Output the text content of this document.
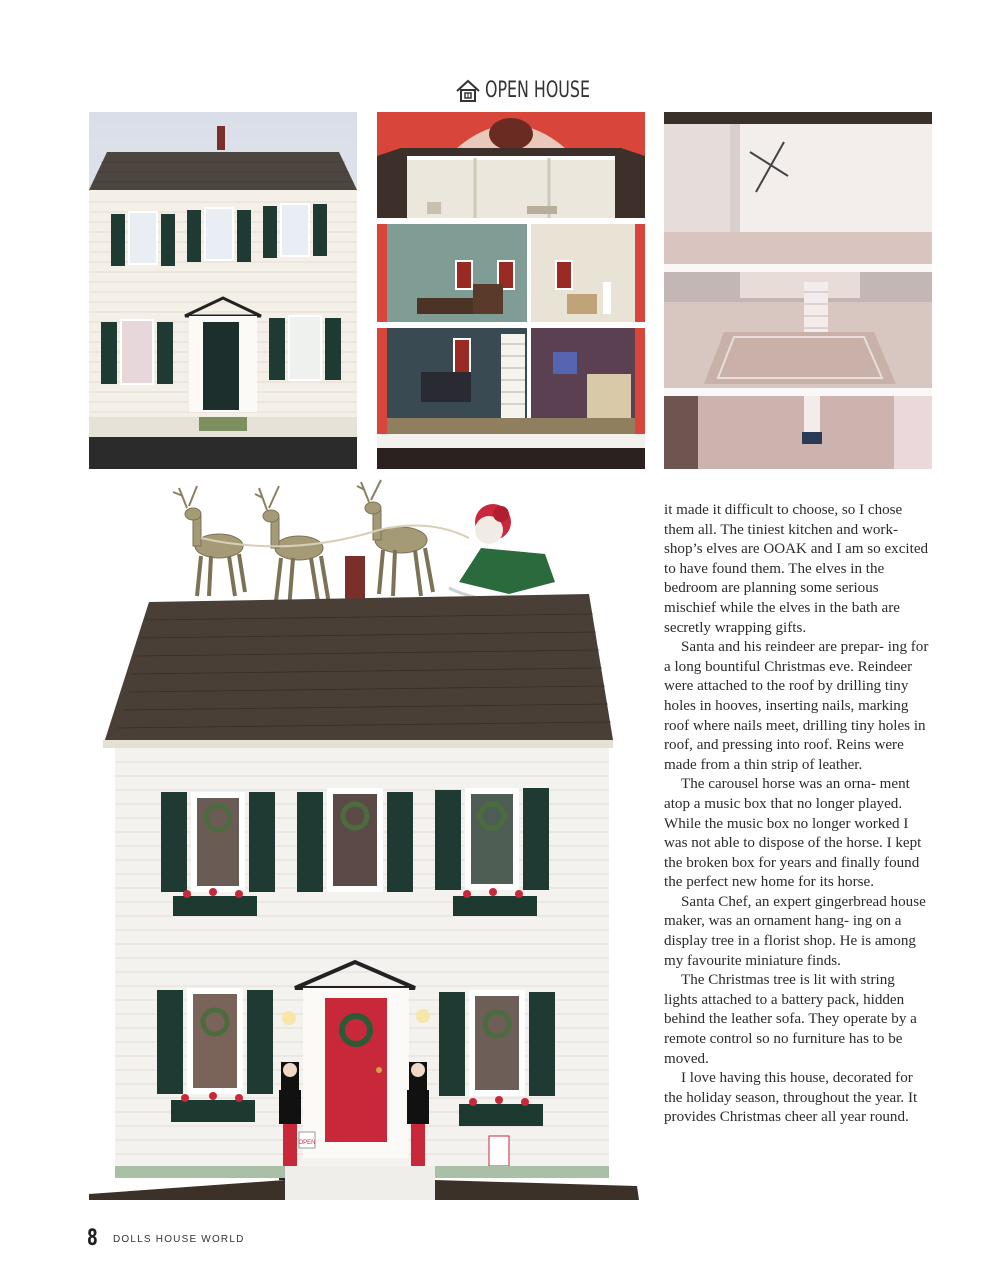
OPEN HOUSE
OPEN

it made it difficult to choose, so I chose them all. The tiniest kitchen and work- shop’s elves are OOAK and I am so excited to have found them. The elves in the bedroom are planning some serious mischief while the elves in the bath are secretly wrapping gifts.

Santa and his reindeer are prepar- ing for a long bountiful Christmas eve. Reindeer were attached to the roof by drilling tiny holes in hooves, inserting nails, marking roof where nails meet, drilling tiny holes in roof, and pressing into roof. Reins were made from a thin strip of leather.

The carousel horse was an orna- ment atop a music box that no longer played. While the music box no longer worked I was not able to dispose of the horse. I kept the broken box for years and finally found the perfect new home for its horse.

Santa Chef, an expert gingerbread house maker, was an ornament hang- ing on a display tree in a florist shop. He is among my favourite miniature finds.

The Christmas tree is lit with string lights attached to a battery pack, hidden behind the leather sofa. They operate by a remote control so no furniture has to be moved.

I love having this house, decorated for the holiday season, throughout the year. It provides Christmas cheer all year round.

8 DOLLS HOUSE WORLD
